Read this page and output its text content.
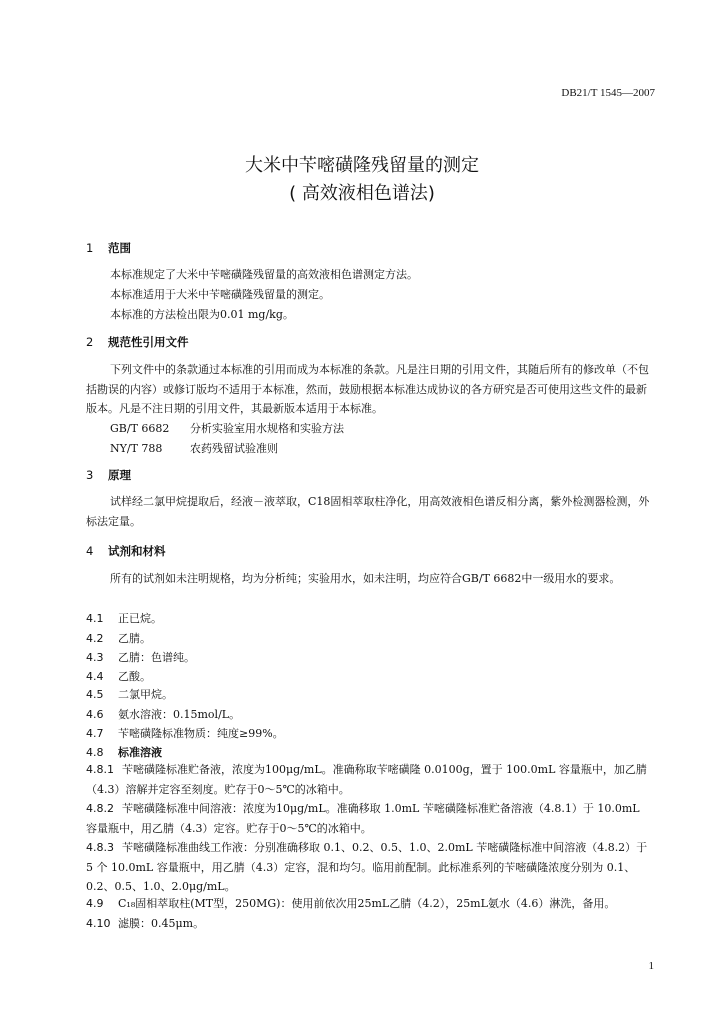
DB21/T 1545—2007
大米中苄嘧磺隆残留量的测定
( 高效液相色谱法)
1 范围
本标准规定了大米中苄嘧磺隆残留量的高效液相色谱测定方法。
本标准适用于大米中苄嘧磺隆残留量的测定。
本标准的方法检出限为0.01 mg/kg。
2 规范性引用文件
下列文件中的条款通过本标准的引用而成为本标准的条款。凡是注日期的引用文件，其随后所有的修改单（不包括勘误的内容）或修订版均不适用于本标准，然而，鼓励根据本标准达成协议的各方研究是否可使用这些文件的最新版本。凡是不注日期的引用文件，其最新版本适用于本标准。
GB/T 6682 分析实验室用水规格和实验方法
NY/T 788	农药残留试验准则
3 原理
试样经二氯甲烷提取后，经液－液萃取，C18固相萃取柱净化，用高效液相色谱反相分离，紫外检测器检测，外标法定量。
4 试剂和材料
所有的试剂如未注明规格，均为分析纯；实验用水，如未注明，均应符合GB/T 6682中一级用水的要求。
4.1 正已烷。
4.2 乙腈。
4.3 乙腈：色谱纯。
4.4 乙酸。
4.5 二氯甲烷。
4.6 氨水溶液：0.15mol/L。
4.7 苄嘧磺隆标准物质：纯度≥99%。
4.8 标准溶液
4.8.1 苄嘧磺隆标准贮备液，浓度为100μg/mL。准确称取苄嘧磺隆 0.0100g，置于 100.0mL 容量瓶中，加乙腈（4.3）溶解并定容至刻度。贮存于0～5℃的冰箱中。
4.8.2 苄嘧磺隆标准中间溶液：浓度为10μg/mL。准确移取 1.0mL 苄嘧磺隆标准贮备溶液（4.8.1）于 10.0mL 容量瓶中，用乙腈（4.3）定容。贮存于0～5℃的冰箱中。
4.8.3 苄嘧磺隆标准曲线工作液：分别准确移取 0.1、0.2、0.5、1.0、2.0mL 苄嘧磺隆标准中间溶液（4.8.2）于 5 个 10.0mL 容量瓶中，用乙腈（4.3）定容，混和均匀。临用前配制。此标准系列的苄嘧磺隆浓度分别为 0.1、0.2、0.5、1.0、2.0μg/mL。
4.9 C₁₈固相萃取柱(MT型，250MG)：使用前依次用25mL乙腈（4.2），25mL氨水（4.6）淋洗，备用。
4.10 滤膜：0.45μm。
1
